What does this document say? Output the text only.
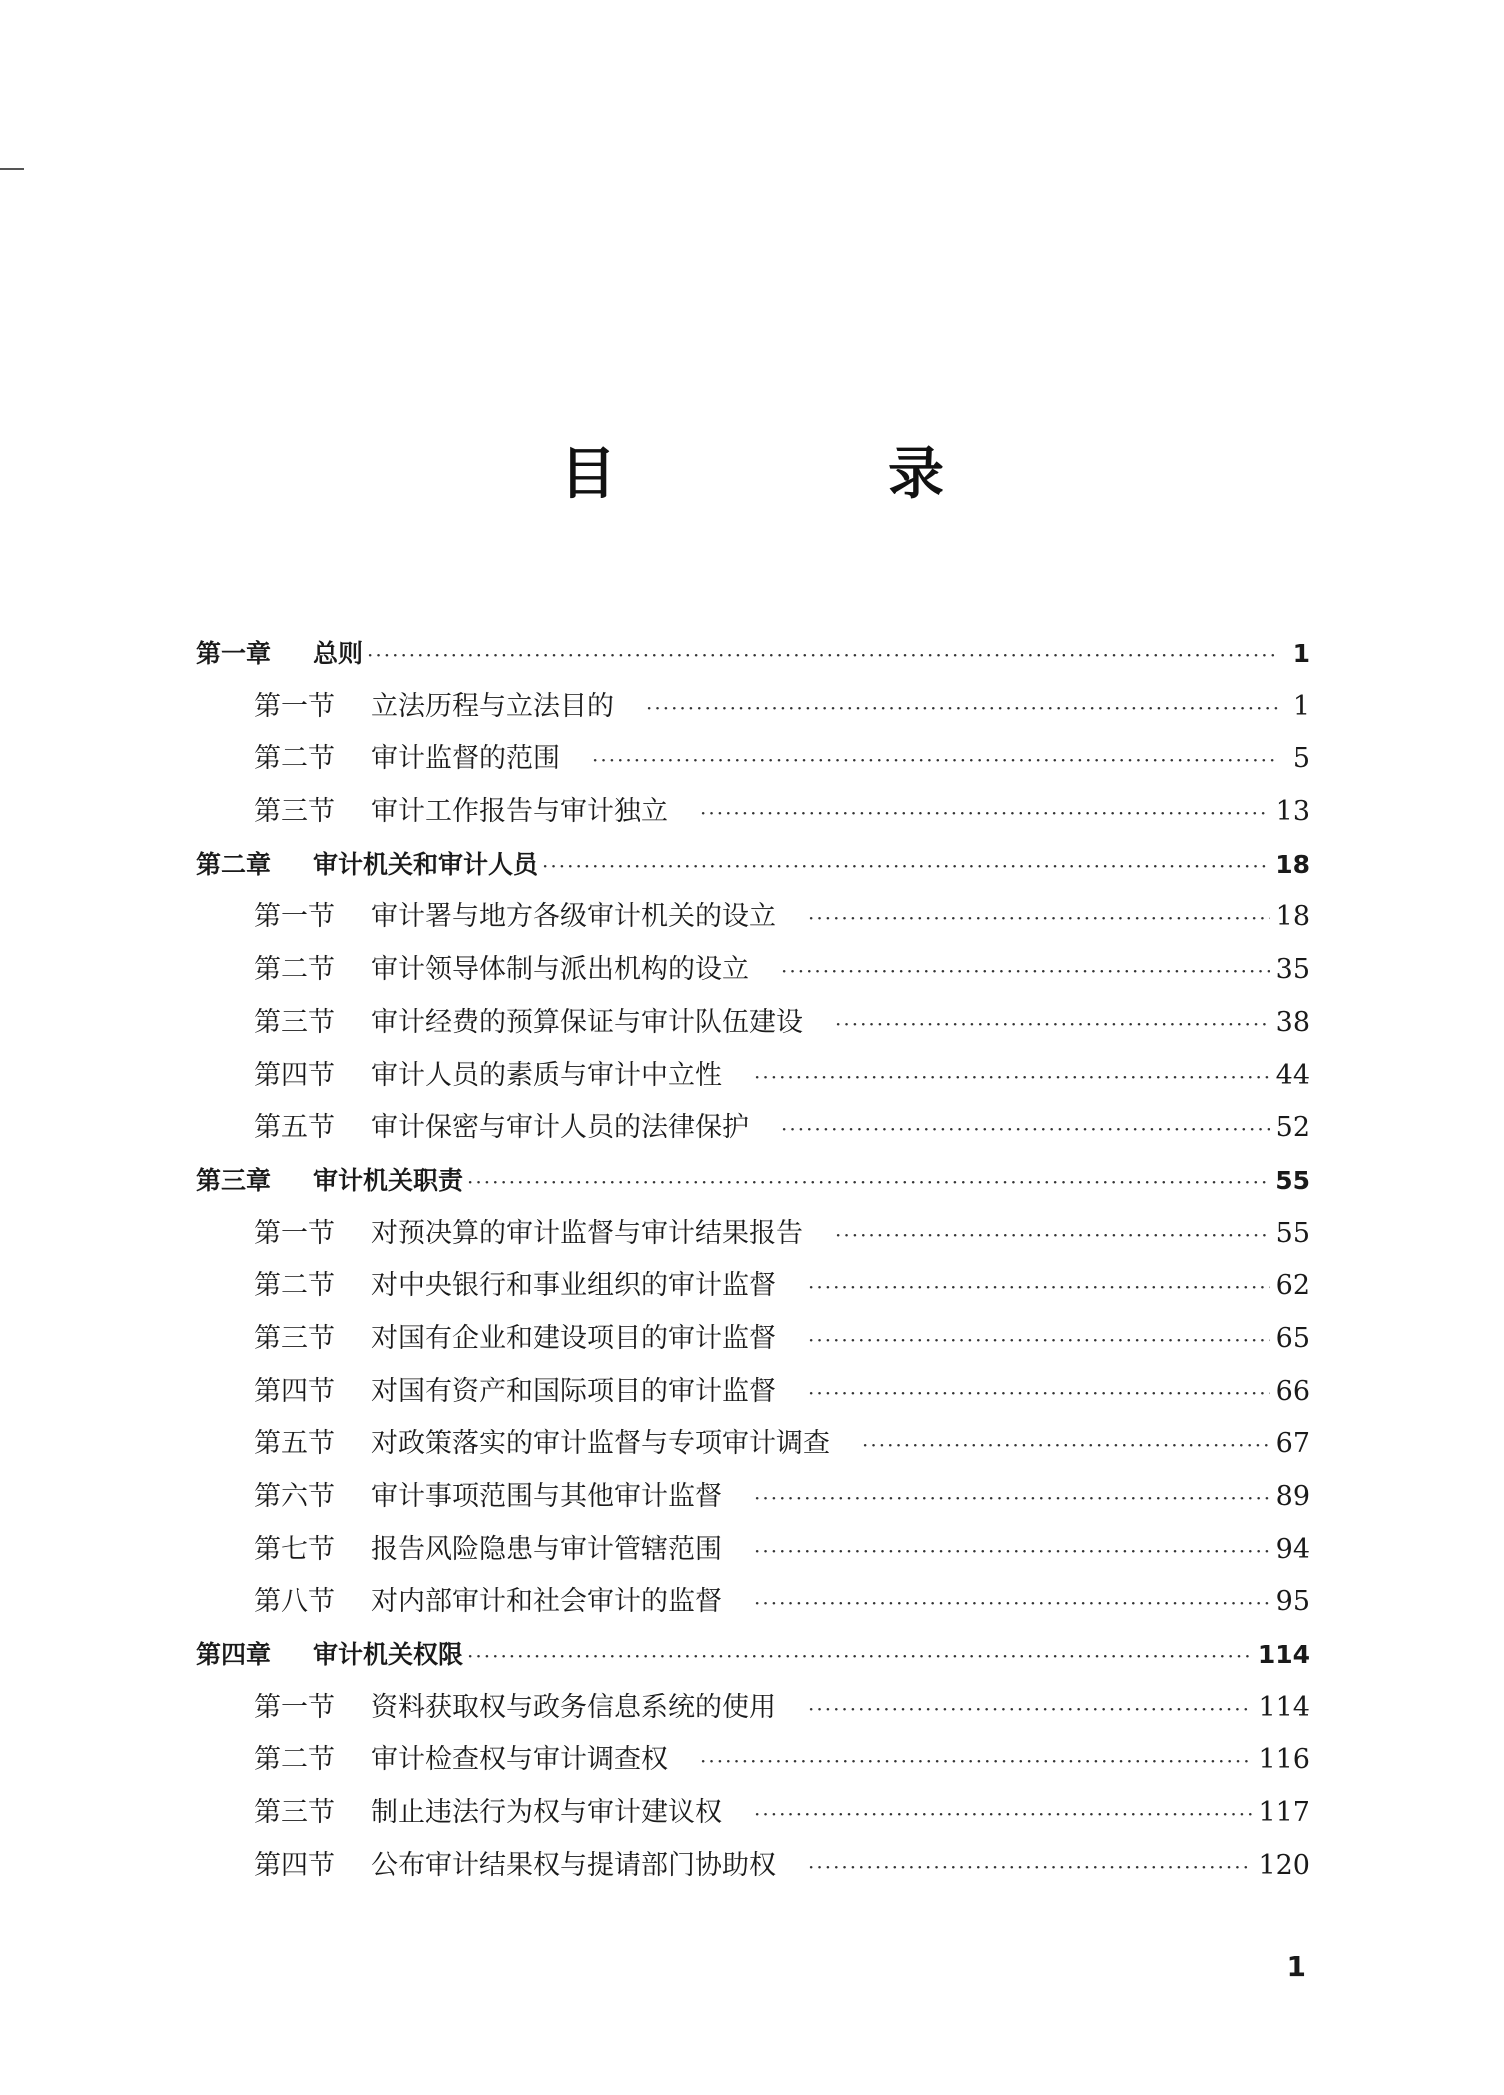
目　录
第一章	总则 ·····	1
第一节	立法历程与立法目的 ·····	1
第二节	审计监督的范围 ·····	5
第三节	审计工作报告与审计独立 ·····	13
第二章	审计机关和审计人员 ·····	18
第一节	审计署与地方各级审计机关的设立 ·····	18
第二节	审计领导体制与派出机构的设立 ·····	35
第三节	审计经费的预算保证与审计队伍建设 ·····	38
第四节	审计人员的素质与审计中立性 ·····	44
第五节	审计保密与审计人员的法律保护 ·····	52
第三章	审计机关职责 ·····	55
第一节	对预决算的审计监督与审计结果报告 ·····	55
第二节	对中央银行和事业组织的审计监督 ·····	62
第三节	对国有企业和建设项目的审计监督 ·····	65
第四节	对国有资产和国际项目的审计监督 ·····	66
第五节	对政策落实的审计监督与专项审计调查 ·····	67
第六节	审计事项范围与其他审计监督 ·····	89
第七节	报告风险隐患与审计管辖范围 ·····	94
第八节	对内部审计和社会审计的监督 ·····	95
第四章	审计机关权限 ·····	114
第一节	资料获取权与政务信息系统的使用 ·····	114
第二节	审计检查权与审计调查权 ·····	116
第三节	制止违法行为权与审计建议权 ·····	117
第四节	公布审计结果权与提请部门协助权 ·····	120
1
